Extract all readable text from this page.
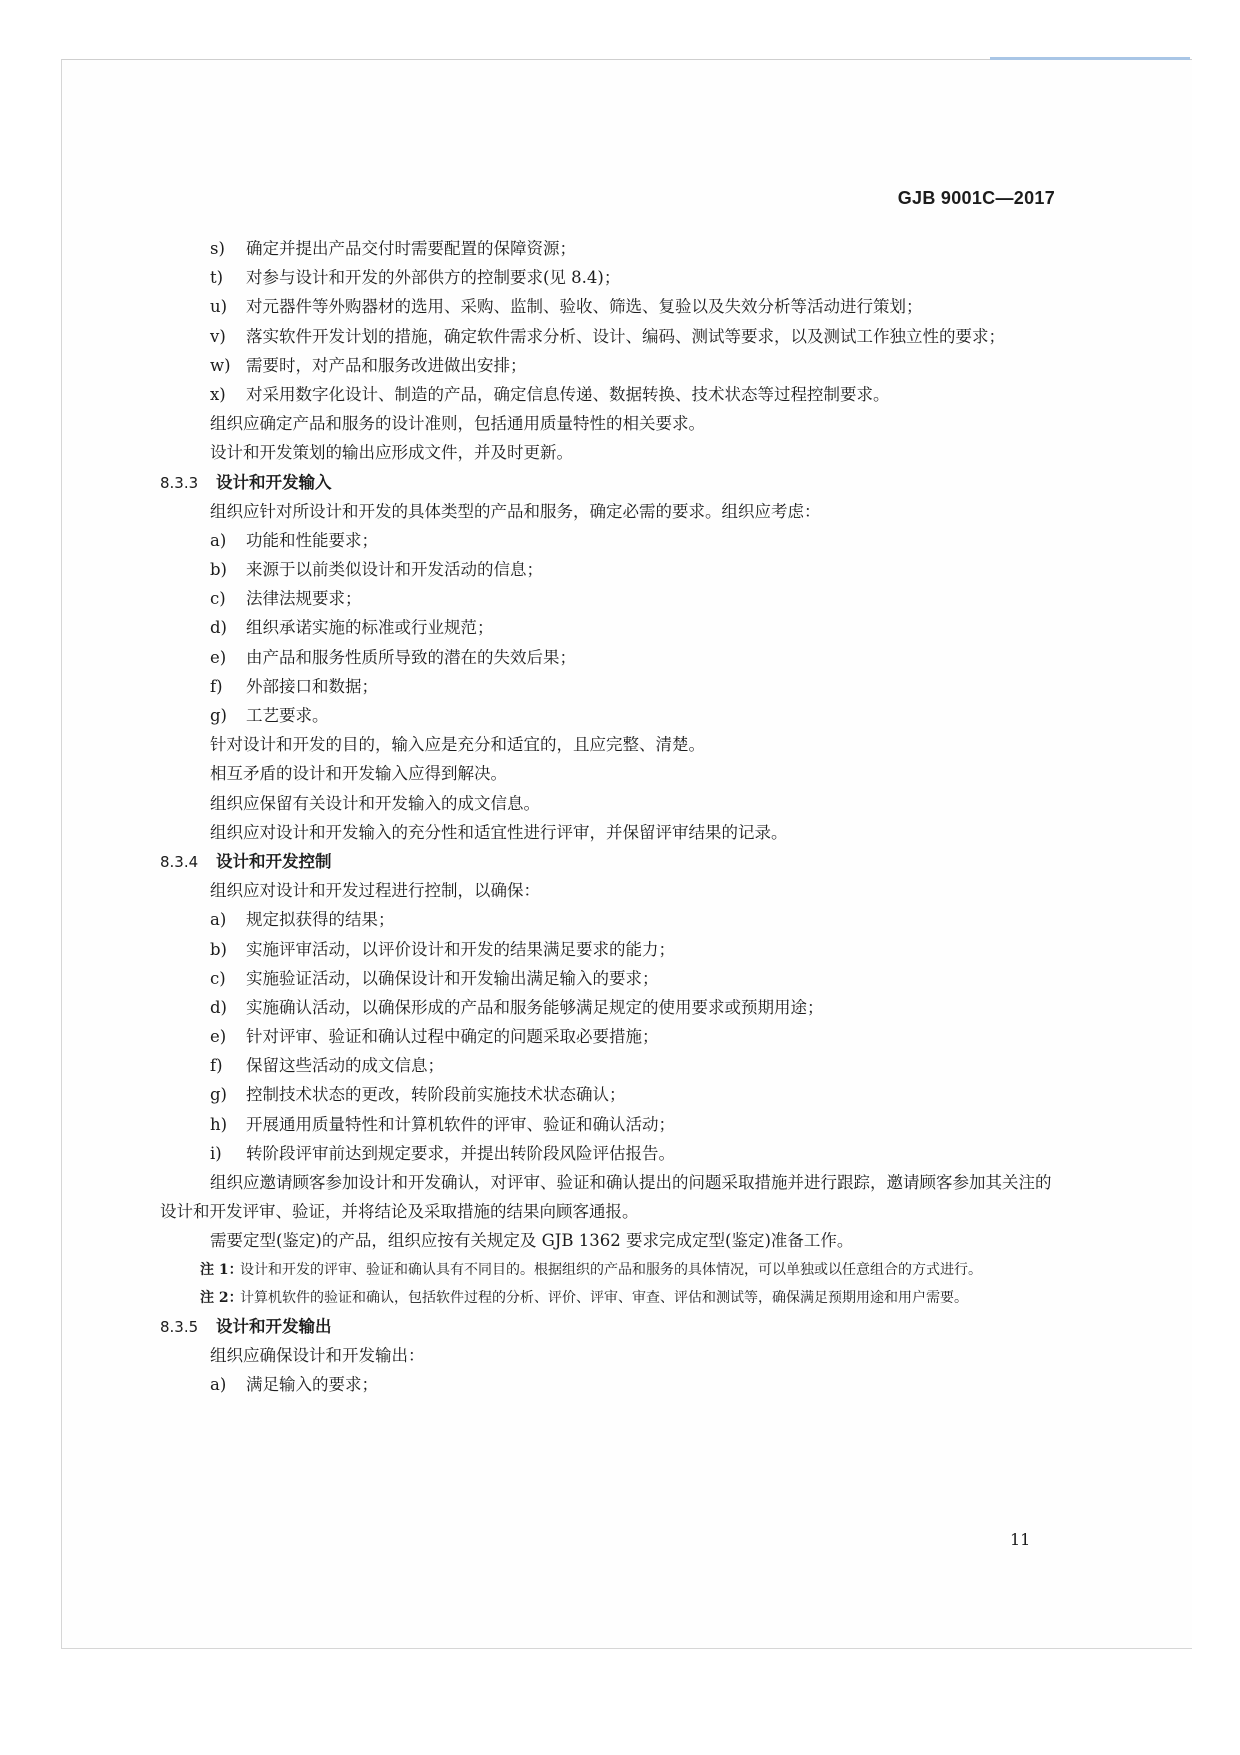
GJB 9001C—2017
s)	确定并提出产品交付时需要配置的保障资源；
t)	对参与设计和开发的外部供方的控制要求(见 8.4)；
u)	对元器件等外购器材的选用、采购、监制、验收、筛选、复验以及失效分析等活动进行策划；
v)	落实软件开发计划的措施，确定软件需求分析、设计、编码、测试等要求，以及测试工作独立性的要求；
w) 需要时，对产品和服务改进做出安排；
x)	对采用数字化设计、制造的产品，确定信息传递、数据转换、技术状态等过程控制要求。
组织应确定产品和服务的设计准则，包括通用质量特性的相关要求。
设计和开发策划的输出应形成文件，并及时更新。
8.3.3 设计和开发输入
组织应针对所设计和开发的具体类型的产品和服务，确定必需的要求。组织应考虑：
a)	功能和性能要求；
b)	来源于以前类似设计和开发活动的信息；
c)	法律法规要求；
d)	组织承诺实施的标准或行业规范；
e)	由产品和服务性质所导致的潜在的失效后果；
f)	外部接口和数据；
g)	工艺要求。
针对设计和开发的目的，输入应是充分和适宜的，且应完整、清楚。
相互矛盾的设计和开发输入应得到解决。
组织应保留有关设计和开发输入的成文信息。
组织应对设计和开发输入的充分性和适宜性进行评审，并保留评审结果的记录。
8.3.4 设计和开发控制
组织应对设计和开发过程进行控制，以确保：
a)	规定拟获得的结果；
b)	实施评审活动，以评价设计和开发的结果满足要求的能力；
c)	实施验证活动，以确保设计和开发输出满足输入的要求；
d)	实施确认活动，以确保形成的产品和服务能够满足规定的使用要求或预期用途；
e)	针对评审、验证和确认过程中确定的问题采取必要措施；
f)	保留这些活动的成文信息；
g)	控制技术状态的更改，转阶段前实施技术状态确认；
h)	开展通用质量特性和计算机软件的评审、验证和确认活动；
i)	转阶段评审前达到规定要求，并提出转阶段风险评估报告。
组织应邀请顾客参加设计和开发确认，对评审、验证和确认提出的问题采取措施并进行跟踪，邀请顾客参加其关注的设计和开发评审、验证，并将结论及采取措施的结果向顾客通报。
需要定型(鉴定)的产品，组织应按有关规定及 GJB 1362 要求完成定型(鉴定)准备工作。
注 1：
设计和开发的评审、验证和确认具有不同目的。根据组织的产品和服务的具体情况，可以单独或以任意组合的方式进行。
注 2：
计算机软件的验证和确认，包括软件过程的分析、评价、评审、审查、评估和测试等，确保满足预期用途和用户需要。
8.3.5 设计和开发输出
组织应确保设计和开发输出：
a)	满足输入的要求；
11
